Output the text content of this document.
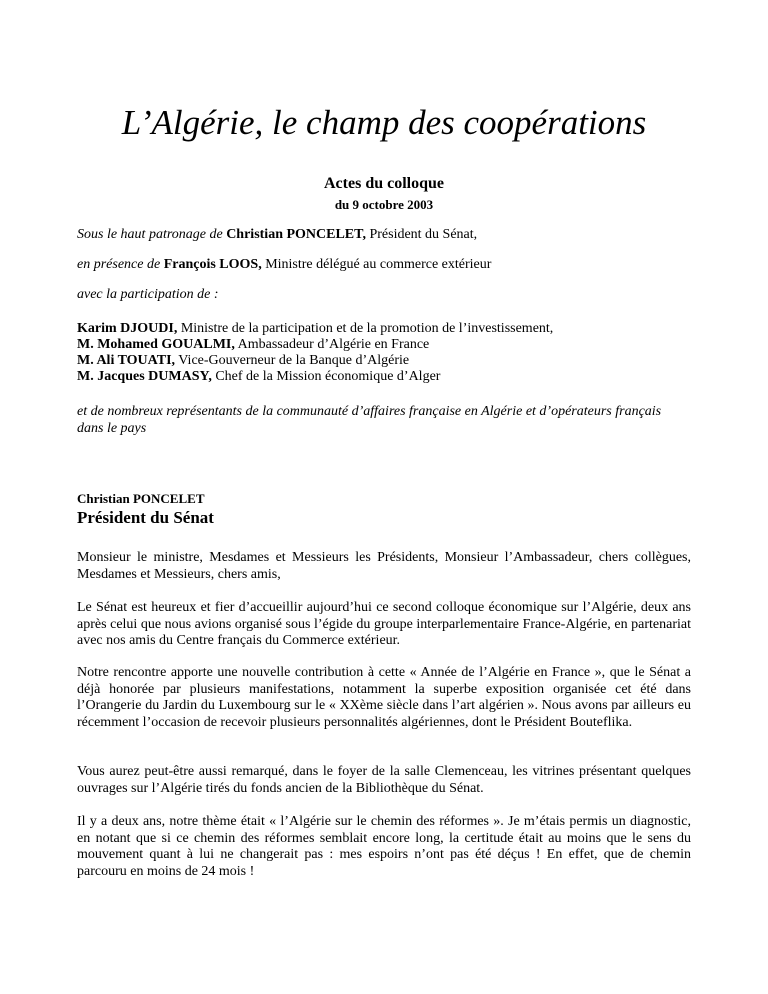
L’Algérie, le champ des coopérations
Actes du colloque
du 9 octobre 2003
Sous le haut patronage de Christian PONCELET, Président du Sénat,
en présence de François LOOS, Ministre délégué au commerce extérieur
avec la participation de :
Karim DJOUDI, Ministre de la participation et de la promotion de l’investissement,
M. Mohamed GOUALMI, Ambassadeur d’Algérie en France
M. Ali TOUATI, Vice-Gouverneur de la Banque d’Algérie
M. Jacques DUMASY, Chef de la Mission économique d’Alger
et de nombreux représentants de la communauté d’affaires française en Algérie et d’opérateurs français dans le pays
Christian PONCELET
Président du Sénat
Monsieur le ministre, Mesdames et Messieurs les Présidents, Monsieur l’Ambassadeur, chers collègues, Mesdames et Messieurs, chers amis,
Le Sénat est heureux et fier d’accueillir aujourd’hui ce second colloque économique sur l’Algérie, deux ans après celui que nous avions organisé sous l’égide du groupe interparlementaire France-Algérie, en partenariat avec nos amis du Centre français du Commerce extérieur.
Notre rencontre apporte une nouvelle contribution à cette « Année de l’Algérie en France », que le Sénat a déjà honorée par plusieurs manifestations, notamment la superbe exposition organisée cet été dans l’Orangerie du Jardin du Luxembourg sur le « XXème siècle dans l’art algérien ». Nous avons par ailleurs eu récemment l’occasion de recevoir plusieurs personnalités algériennes, dont le Président Bouteflika.
Vous aurez peut-être aussi remarqué, dans le foyer de la salle Clemenceau, les vitrines présentant quelques ouvrages sur l’Algérie tirés du fonds ancien de la Bibliothèque du Sénat.
Il y a deux ans, notre thème était « l’Algérie sur le chemin des réformes ». Je m’étais permis un diagnostic, en notant que si ce chemin des réformes semblait encore long, la certitude était au moins que le sens du mouvement quant à lui ne changerait pas : mes espoirs n’ont pas été déçus ! En effet, que de chemin parcouru en moins de 24 mois !
